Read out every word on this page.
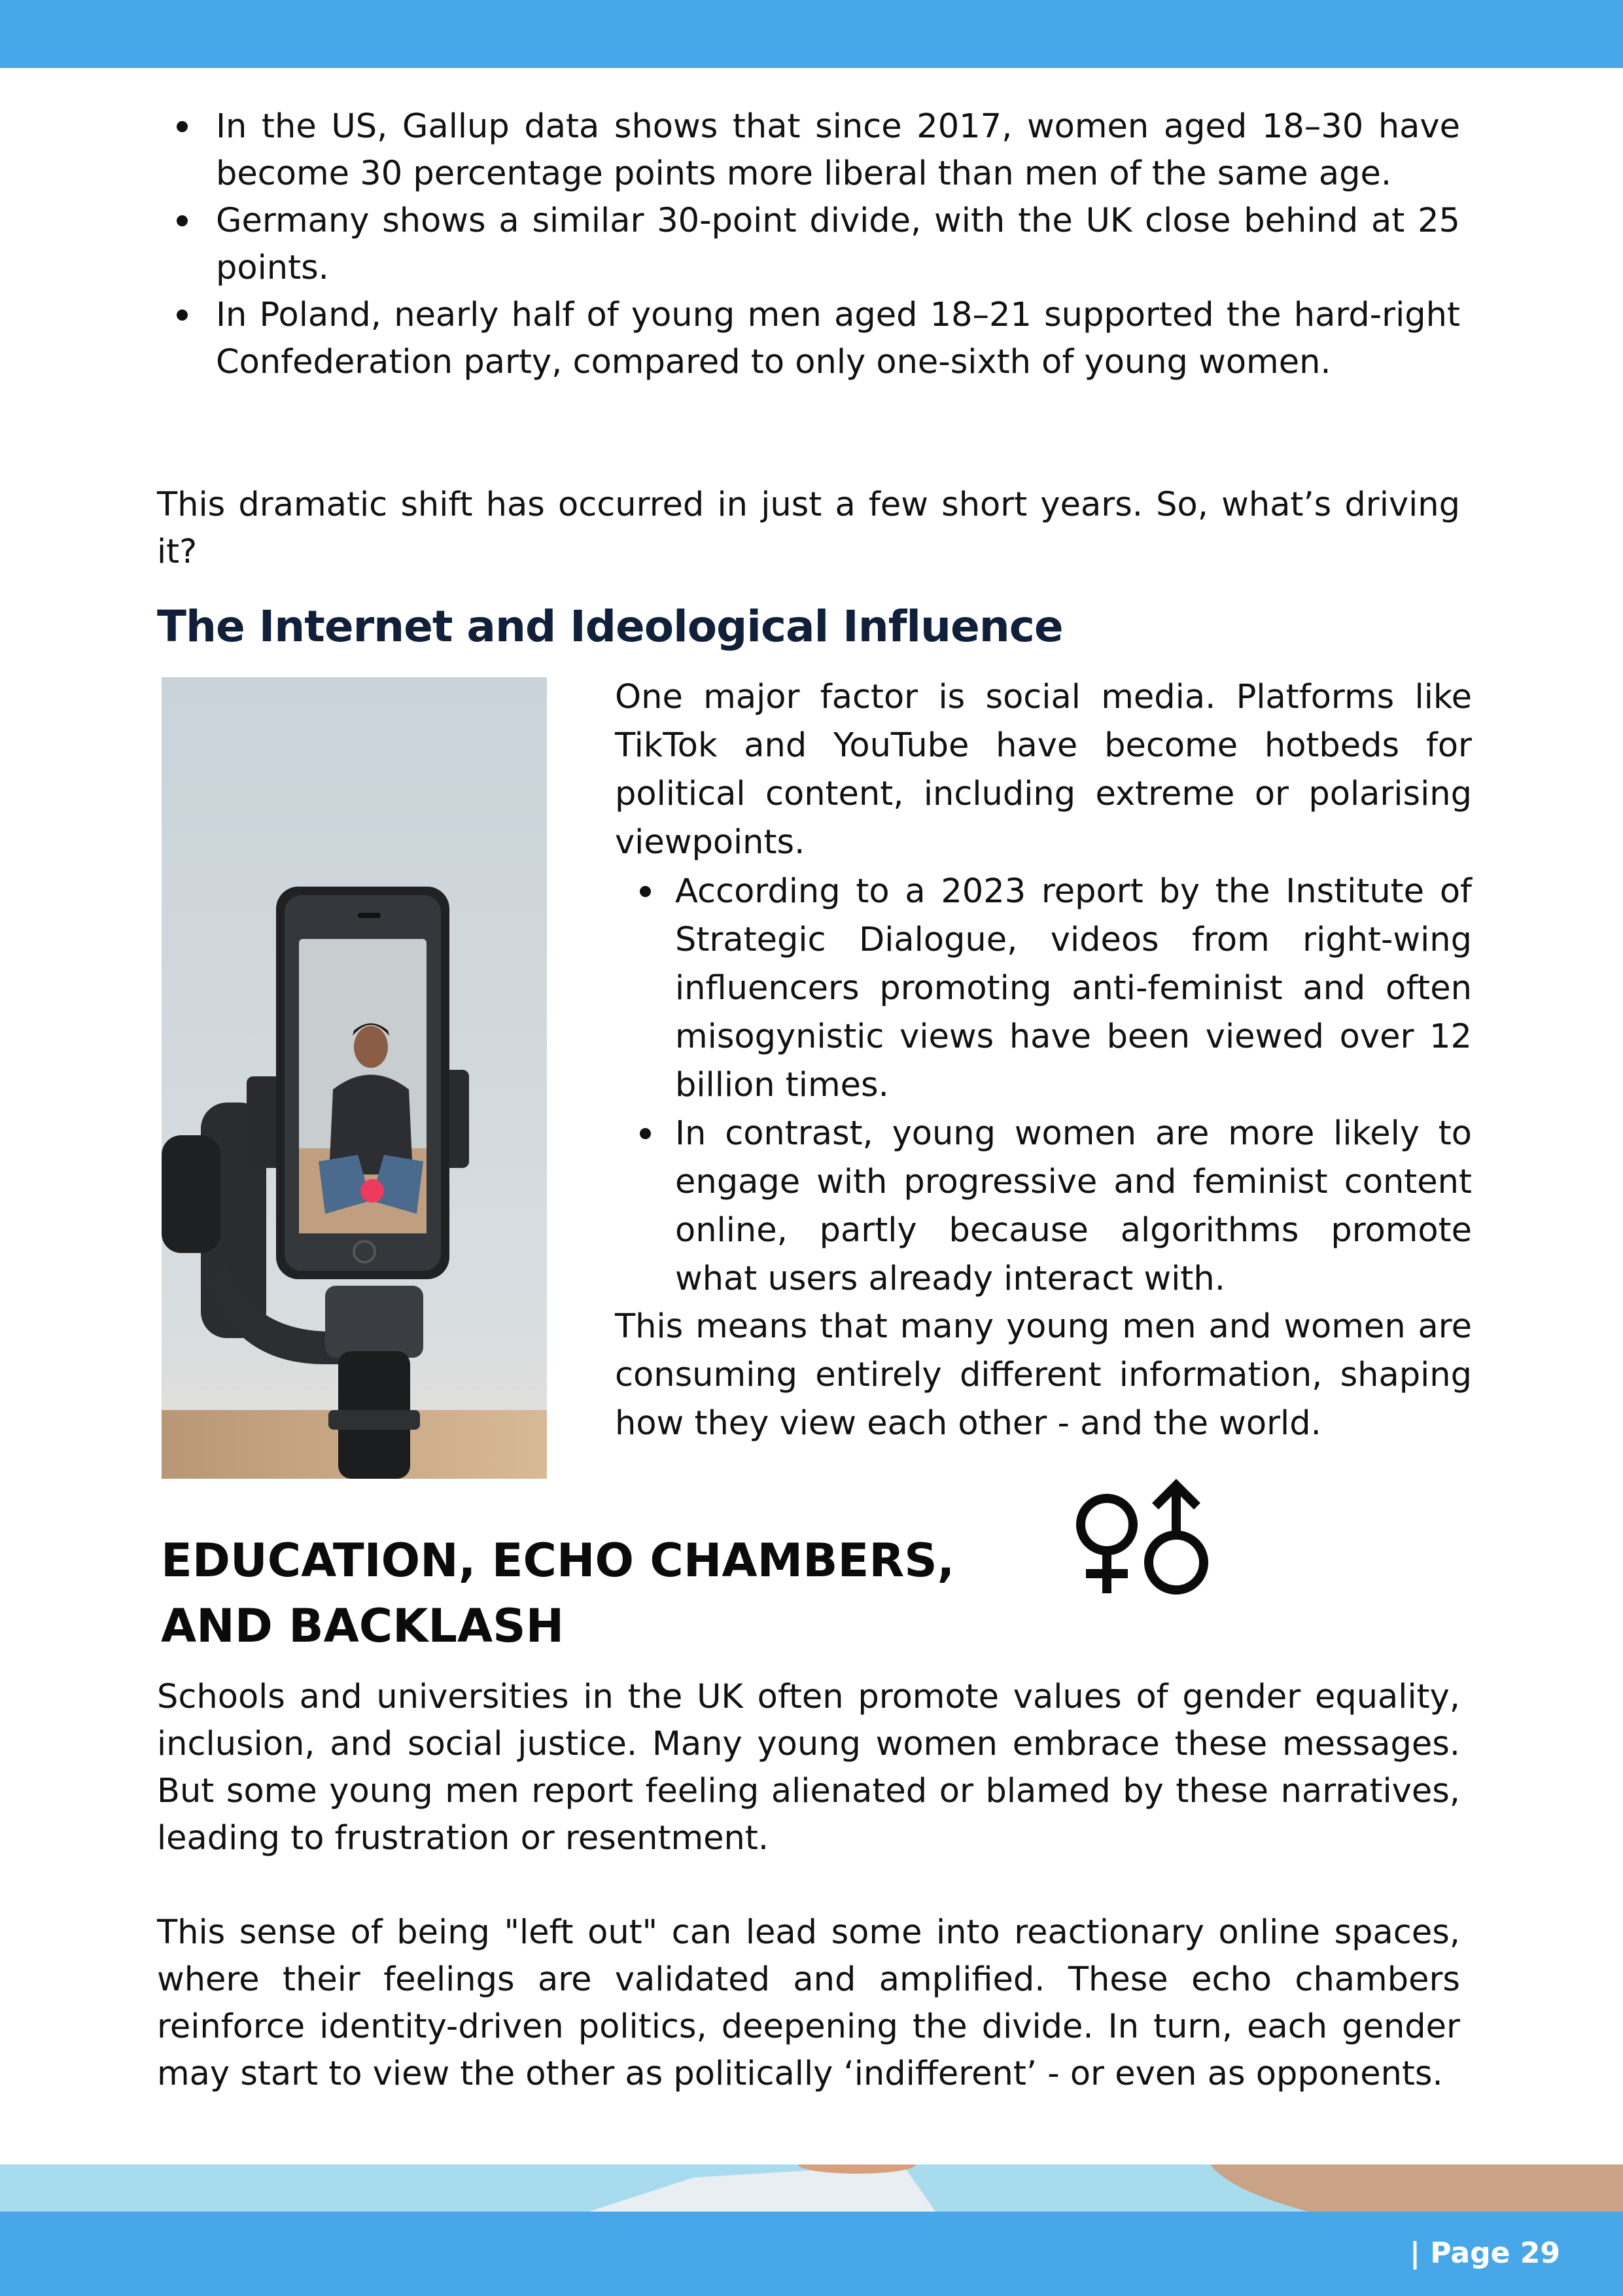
In the US, Gallup data shows that since 2017, women aged 18–30 have become 30 percentage points more liberal than men of the same age.
Germany shows a similar 30-point divide, with the UK close behind at 25 points.
In Poland, nearly half of young men aged 18–21 supported the hard-right Confederation party, compared to only one-sixth of young women.

This dramatic shift has occurred in just a few short years. So, what’s driving it?

The Internet and Ideological Influence

One major factor is social media. Platforms like TikTok and YouTube have become hotbeds for political content, including extreme or polarising viewpoints.

According to a 2023 report by the Institute of Strategic Dialogue, videos from right-wing influencers promoting anti-feminist and often misogynistic views have been viewed over 12 billion times.
In contrast, young women are more likely to engage with progressive and feminist content online, partly because algorithms promote what users already interact with.

This means that many young men and women are consuming entirely different information, shaping how they view each other - and the world.

EDUCATION, ECHO CHAMBERS, AND BACKLASH

Schools and universities in the UK often promote values of gender equality, inclusion, and social justice. Many young women embrace these messages. But some young men report feeling alienated or blamed by these narratives, leading to frustration or resentment.

This sense of being "left out" can lead some into reactionary online spaces, where their feelings are validated and amplified. These echo chambers reinforce identity-driven politics, deepening the divide. In turn, each gender may start to view the other as politically ‘indifferent’ - or even as opponents.

| Page 29
